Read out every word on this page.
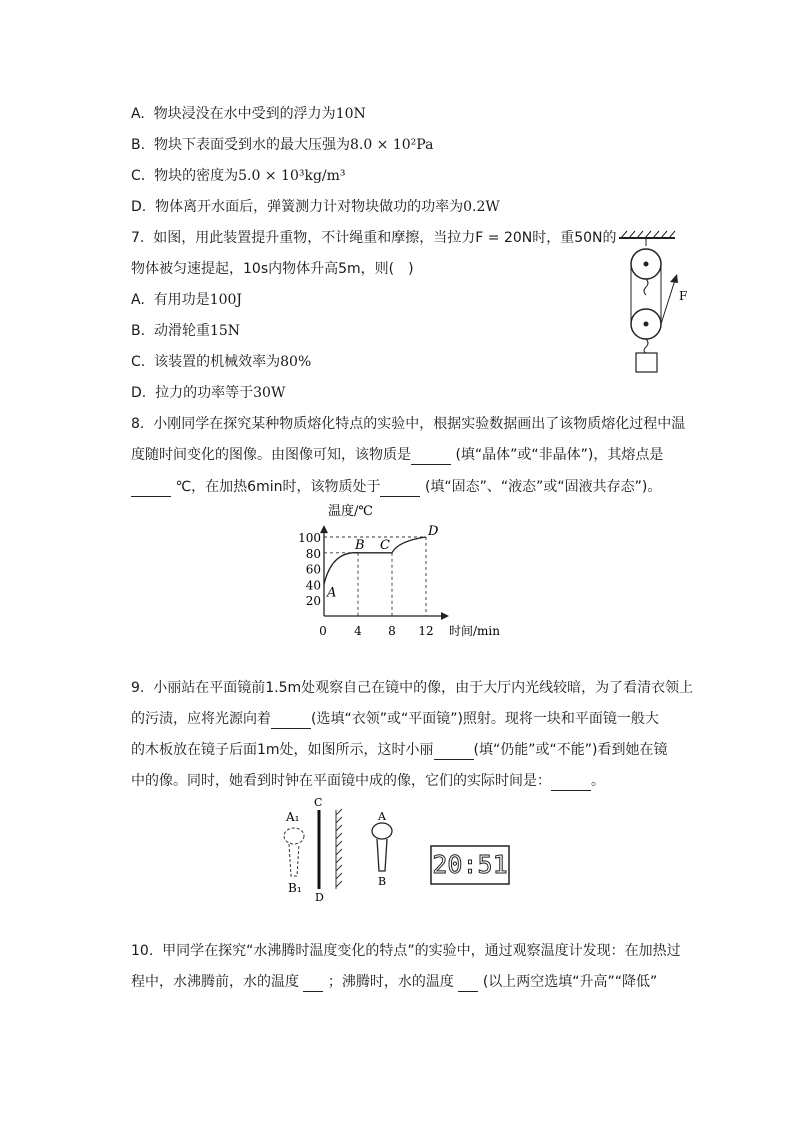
A. 物块浸没在水中受到的浮力为10N
B. 物块下表面受到水的最大压强为8.0 × 10²Pa
C. 物块的密度为5.0 × 10³kg/m³
D. 物体离开水面后，弹簧测力计对物块做功的功率为0.2W
7. 如图，用此装置提升重物，不计绳重和摩擦，当拉力F = 20N时，重50N的
物体被匀速提起，10s内物体升高5m，则(　)
A. 有用功是100J
B. 动滑轮重15N
C. 该装置的机械效率为80%
D. 拉力的功率等于30W
F
8. 小刚同学在探究某种物质熔化特点的实验中，根据实验数据画出了该物质熔化过程中温
度随时间变化的图像。由图像可知，该物质是	(填“晶体”或“非晶体”)，其熔点是
℃，在加热6min时，该物质处于	(填“固态”、“液态”或“固液共存态”)。
温度/℃
时间/min
0
20
40
60
80
100
4 8 12
A
B C
D
9. 小丽站在平面镜前1.5m处观察自己在镜中的像，由于大厅内光线较暗，为了看清衣领上
的污渍，应将光源向着	(选填“衣领”或“平面镜”)照射。现将一块和平面镜一般大
的木板放在镜子后面1m处，如图所示，这时小丽	(填“仍能”或“不能”)看到她在镜
中的像。同时，她看到时钟在平面镜中成的像，它们的实际时间是：	。
A₁
B₁
C
D
A
B
20:51
10. 甲同学在探究“水沸腾时温度变化的特点”的实验中，通过观察温度计发现：在加热过
程中，水沸腾前，水的温度 ；沸腾时，水的温度 (以上两空选填“升高”“降低”
